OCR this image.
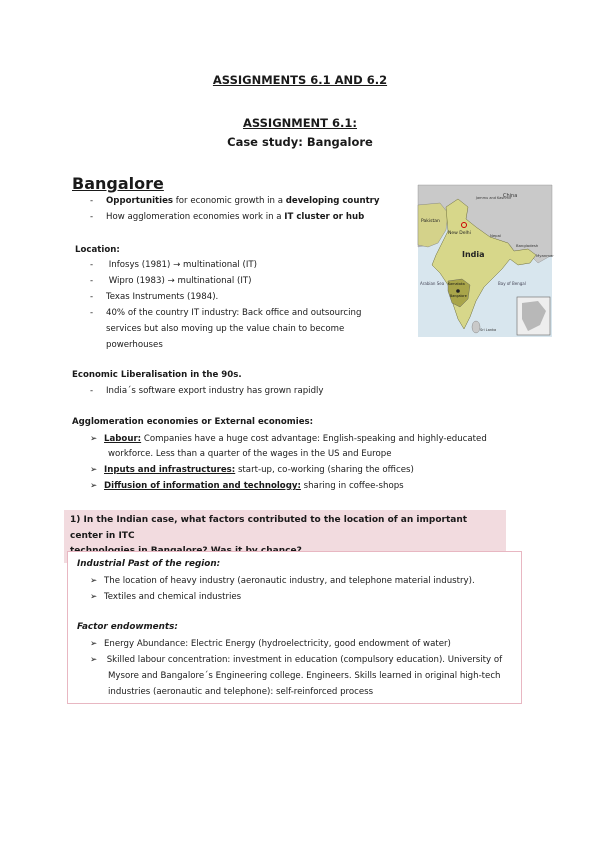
ASSIGNMENTS 6.1 AND 6.2
ASSIGNMENT 6.1:
Case study: Bangalore
Bangalore
- Opportunities for economic growth in a developing country
- How agglomeration economies work in a IT cluster or hub
Location:
- Infosys (1981) → multinational (IT)
- Wipro (1983) → multinational (IT)
- Texas Instruments (1984).
- 40% of the country IT industry: Back office and outsourcing
services but also moving up the value chain to become
powerhouses
China
Jammu and Kashmir
Pakistan
New Delhi
India
Nepal
Bangladesh
Myanmar
Arabian Sea	Bay of Bengal
Karnataka
Bangalore
Sri Lanka
Economic Liberalisation in the 90s.
- India´s software export industry has grown rapidly
Agglomeration economies or External economies:
➢ Labour: Companies have a huge cost advantage: English-speaking and highly-educated
workforce. Less than a quarter of the wages in the US and Europe
➢ Inputs and infrastructures: start-up, co-working (sharing the offices)
➢ Diffusion of information and technology: sharing in coffee-shops
1) In the Indian case, what factors contributed to the location of an important center in ITC
Industrial Past of the region:
➢ The location of heavy industry (aeronautic industry, and telephone material industry).
➢ Textiles and chemical industries
Factor endowments:
➢ Energy Abundance: Electric Energy (hydroelectricity, good endowment of water)
➢ Skilled labour concentration: investment in education (compulsory education). University of
Mysore and Bangalore´s Engineering college. Engineers. Skills learned in original high-tech
industries (aeronautic and telephone): self-reinforced process
